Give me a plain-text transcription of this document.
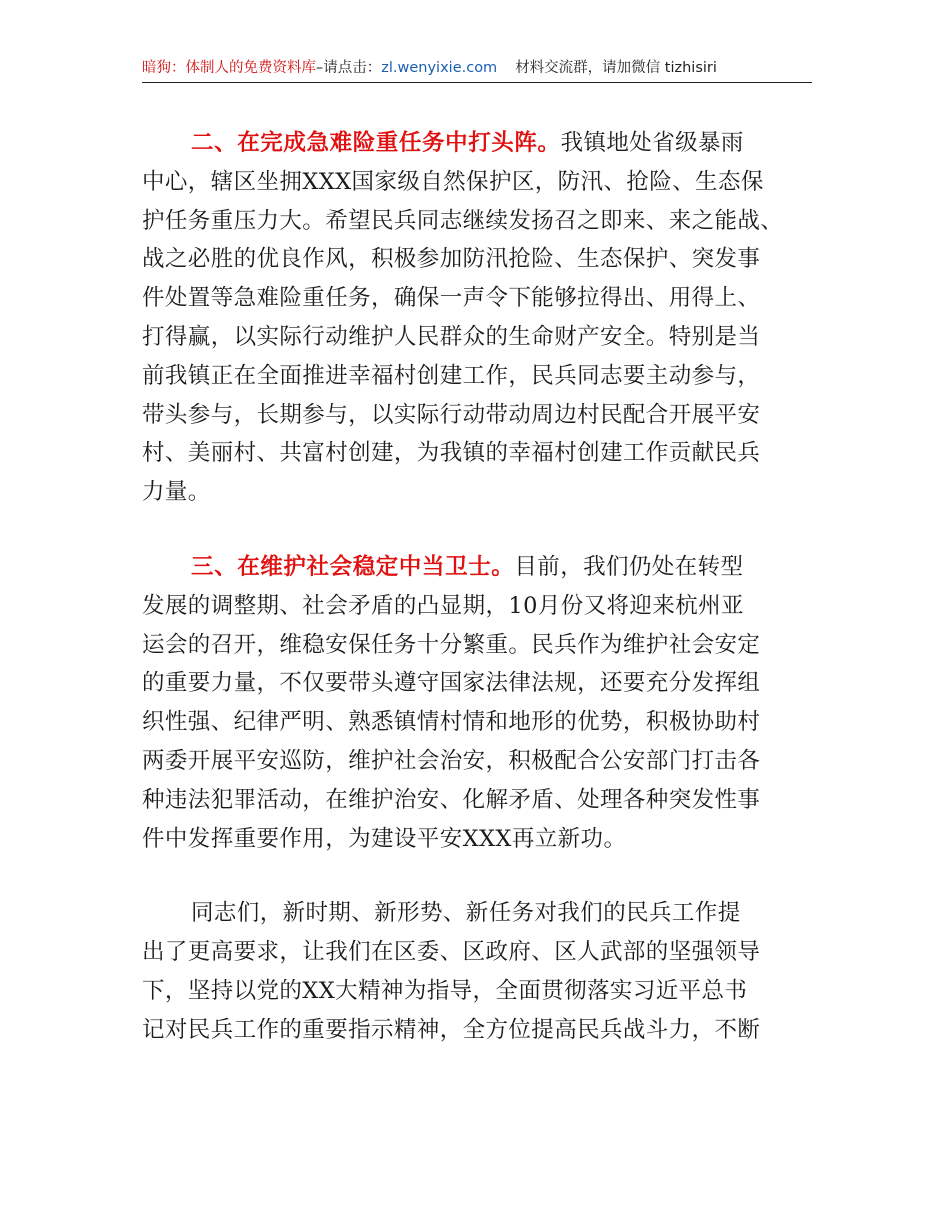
暗狗：体制人的免费资料库–请点击：zl.wenyixie.com 材料交流群，请加微信 tizhisiri
二、在完成急难险重任务中打头阵。我镇地处省级暴雨
中心，辖区坐拥XXX国家级自然保护区，防汛、抢险、生态保
护任务重压力大。希望民兵同志继续发扬召之即来、来之能战、
战之必胜的优良作风，积极参加防汛抢险、生态保护、突发事
件处置等急难险重任务，确保一声令下能够拉得出、用得上、
打得赢，以实际行动维护人民群众的生命财产安全。特别是当
前我镇正在全面推进幸福村创建工作，民兵同志要主动参与，
带头参与，长期参与，以实际行动带动周边村民配合开展平安
村、美丽村、共富村创建，为我镇的幸福村创建工作贡献民兵
力量。
三、在维护社会稳定中当卫士。目前，我们仍处在转型
发展的调整期、社会矛盾的凸显期，10月份又将迎来杭州亚
运会的召开，维稳安保任务十分繁重。民兵作为维护社会安定
的重要力量，不仅要带头遵守国家法律法规，还要充分发挥组
织性强、纪律严明、熟悉镇情村情和地形的优势，积极协助村
两委开展平安巡防，维护社会治安，积极配合公安部门打击各
种违法犯罪活动，在维护治安、化解矛盾、处理各种突发性事
件中发挥重要作用，为建设平安XXX再立新功。
同志们，新时期、新形势、新任务对我们的民兵工作提
出了更高要求，让我们在区委、区政府、区人武部的坚强领导
下，坚持以党的XX大精神为指导，全面贯彻落实习近平总书
记对民兵工作的重要指示精神，全方位提高民兵战斗力，不断
